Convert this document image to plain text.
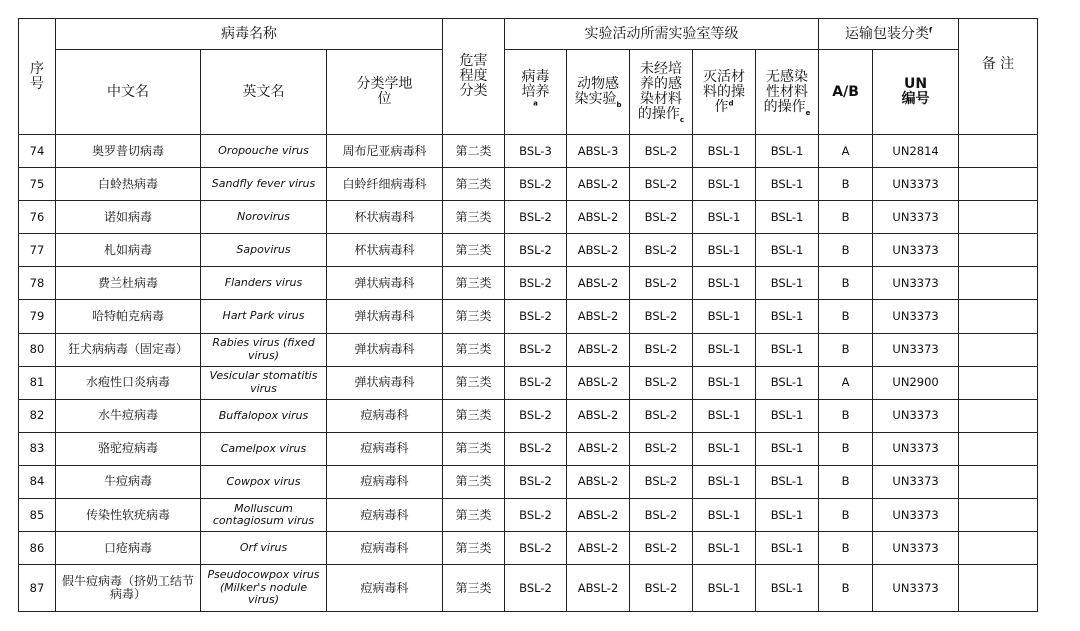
序号	病毒名称			危害程度分类	实验活动所需实验室等级					运输包装分类$^f$		备 注
	中文名	英文名	分类学地位		病毒培养$^a$	动物感染实验$_b$	未经培养的感染材料的操作$_c$	灭活材料的操作$^d$	无感染性材料的操作$_e$	A/B	UN编号	
74	奥罗普切病毒	Oropouche virus	周布尼亚病毒科	第二类	BSL-3	ABSL-3	BSL-2	BSL-1	BSL-1	A	UN2814	
75	白蛉热病毒	Sandfly fever virus	白蛉纤细病毒科	第三类	BSL-2	ABSL-2	BSL-2	BSL-1	BSL-1	B	UN3373	
76	诺如病毒	Norovirus	杯状病毒科	第三类	BSL-2	ABSL-2	BSL-2	BSL-1	BSL-1	B	UN3373	
77	札如病毒	Sapovirus	杯状病毒科	第三类	BSL-2	ABSL-2	BSL-2	BSL-1	BSL-1	B	UN3373	
78	费兰杜病毒	Flanders virus	弹状病毒科	第三类	BSL-2	ABSL-2	BSL-2	BSL-1	BSL-1	B	UN3373	
79	哈特帕克病毒	Hart Park virus	弹状病毒科	第三类	BSL-2	ABSL-2	BSL-2	BSL-1	BSL-1	B	UN3373	
80	狂犬病病毒（固定毒）	Rabies virus (fixed virus)	弹状病毒科	第三类	BSL-2	ABSL-2	BSL-2	BSL-1	BSL-1	B	UN3373	
81	水疱性口炎病毒	Vesicular stomatitis virus	弹状病毒科	第三类	BSL-2	ABSL-2	BSL-2	BSL-1	BSL-1	A	UN2900	
82	水牛痘病毒	Buffalopox virus	痘病毒科	第三类	BSL-2	ABSL-2	BSL-2	BSL-1	BSL-1	B	UN3373	
83	骆驼痘病毒	Camelpox virus	痘病毒科	第三类	BSL-2	ABSL-2	BSL-2	BSL-1	BSL-1	B	UN3373	
84	牛痘病毒	Cowpox virus	痘病毒科	第三类	BSL-2	ABSL-2	BSL-2	BSL-1	BSL-1	B	UN3373	
85	传染性软疣病毒	Molluscum contagiosum virus	痘病毒科	第三类	BSL-2	ABSL-2	BSL-2	BSL-1	BSL-1	B	UN3373	
86	口疮病毒	Orf virus	痘病毒科	第三类	BSL-2	ABSL-2	BSL-2	BSL-1	BSL-1	B	UN3373	
87	假牛痘病毒（挤奶工结节病毒）	Pseudocowpox virus (Milker's nodule virus)	痘病毒科	第三类	BSL-2	ABSL-2	BSL-2	BSL-1	BSL-1	B	UN3373	
